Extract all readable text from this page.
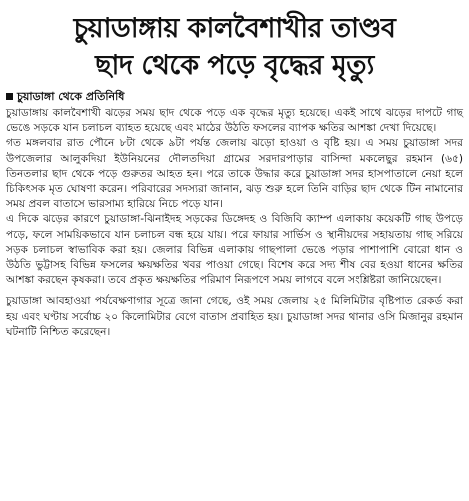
চুয়াডাঙ্গায় কালবৈশাখীর তাণ্ডব
ছাদ থেকে পড়ে বৃদ্ধের মৃত্যু
চুয়াডাঙ্গা থেকে প্রতিনিধি

চুয়াডাঙ্গায় কালবৈশাখী ঝড়ের সময় ছাদ থেকে পড়ে এক বৃদ্ধের মৃত্যু হয়েছে। একই সাথে ঝড়ের দাপটে গাছ ভেঙে সড়কে যান চলাচল ব্যাহত হয়েছে এবং মাঠের উঠতি ফসলের ব্যাপক ক্ষতির আশঙ্কা দেখা দিয়েছে।

গত মঙ্গলবার রাত পৌনে ৮টা থেকে ৯টা পর্যন্ত জেলায় ঝড়ো হাওয়া ও বৃষ্টি হয়। এ সময় চুয়াডাঙ্গা সদর উপজেলার আলুকদিয়া ইউনিয়নের দৌলতদিয়া গ্রামের সরদারপাড়ার বাসিন্দা মকলেছুর রহমান (৬৫) তিনতলার ছাদ থেকে পড়ে গুরুতর আহত হন। পরে তাকে উদ্ধার করে চুয়াডাঙ্গা সদর হাসপাতালে নেয়া হলে চিকিৎসক মৃত ঘোষণা করেন। পরিবারের সদস্যরা জানান, ঝড় শুরু হলে তিনি বাড়ির ছাদ থেকে টিন নামানোর সময় প্রবল বাতাসে ভারসাম্য হারিয়ে নিচে পড়ে যান।

এ দিকে ঝড়ের কারণে চুয়াডাঙ্গা-ঝিনাইদহ সড়কের ডিঙ্গেদহ ও বিজিবি ক্যাম্প এলাকায় কয়েকটি গাছ উপড়ে পড়ে, ফলে সাময়িকভাবে যান চলাচল বন্ধ হয়ে যায়। পরে ফায়ার সার্ভিস ও স্থানীয়দের সহায়তায় গাছ সরিয়ে সড়ক চলাচল স্বাভাবিক করা হয়। জেলার বিভিন্ন এলাকায় গাছপালা ভেঙে পড়ার পাশাপাশি বোরো ধান ও উঠতি ভুট্টাসহ বিভিন্ন ফসলের ক্ষয়ক্ষতির খবর পাওয়া গেছে। বিশেষ করে সদ্য শীষ বের হওয়া ধানের ক্ষতির আশঙ্কা করছেন কৃষকরা। তবে প্রকৃত ক্ষয়ক্ষতির পরিমাণ নিরূপণে সময় লাগবে বলে সংশ্লিষ্টরা জানিয়েছেন।

চুয়াডাঙ্গা আবহাওয়া পর্যবেক্ষণাগার সূত্রে জানা গেছে, ওই সময় জেলায় ২৫ মিলিমিটার বৃষ্টিপাত রেকর্ড করা হয় এবং ঘণ্টায় সর্বোচ্চ ২০ কিলোমিটার বেগে বাতাস প্রবাহিত হয়। চুয়াডাঙ্গা সদর থানার ওসি মিজানুর রহমান ঘটনাটি নিশ্চিত করেছেন।
